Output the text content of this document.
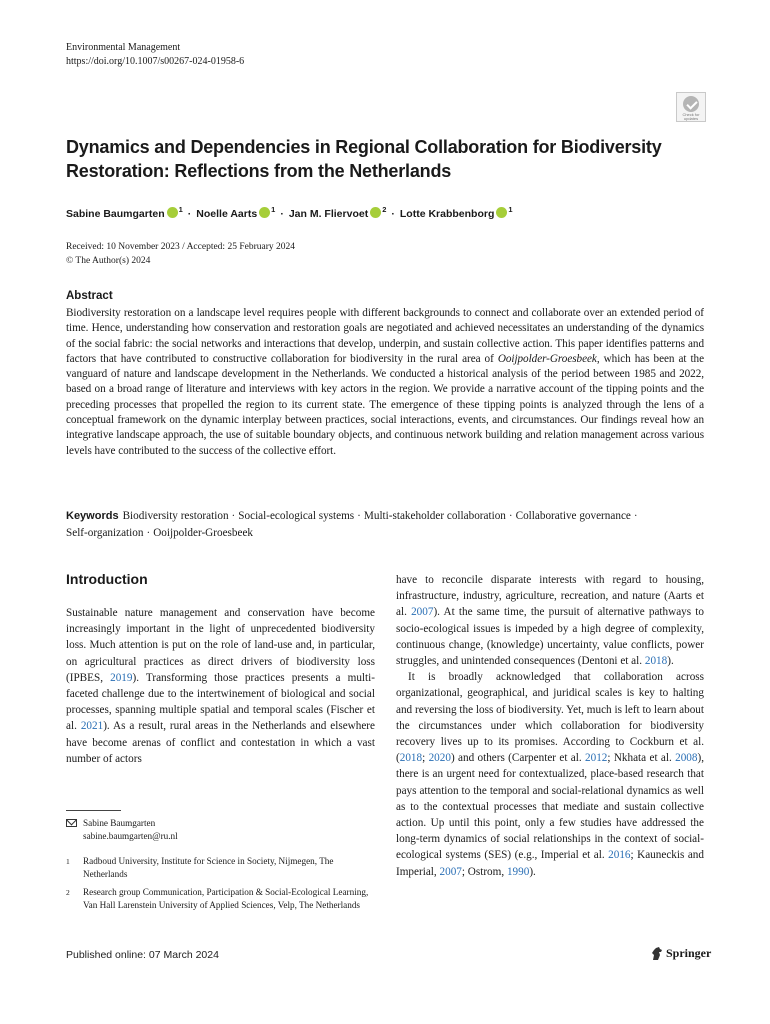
Environmental Management
https://doi.org/10.1007/s00267-024-01958-6
Check for
updates
Dynamics and Dependencies in Regional Collaboration for Biodiversity Restoration: Reflections from the Netherlands
Sabine Baumgarten $^1$ · Noelle Aarts $^1$ · Jan M. Fliervoet $^2$ · Lotte Krabbenborg $^1$
Received: 10 November 2023 / Accepted: 25 February 2024
© The Author(s) 2024
Abstract

Biodiversity restoration on a landscape level requires people with different backgrounds to connect and collaborate over an extended period of time. Hence, understanding how conservation and restoration goals are negotiated and achieved necessitates an understanding of the dynamics of the social fabric: the social networks and interactions that develop, underpin, and sustain collective action. This paper identifies patterns and factors that have contributed to constructive collaboration for biodiversity in the rural area of Ooijpolder-Groesbeek, which has been at the vanguard of nature and landscape development in the Netherlands. We conducted a historical analysis of the period between 1985 and 2022, based on a broad range of literature and interviews with key actors in the region. We provide a narrative account of the tipping points and the preceding processes that propelled the region to its current state. The emergence of these tipping points is analyzed through the lens of a conceptual framework on the dynamic interplay between practices, social interactions, events, and circumstances. Our findings reveal how an integrative landscape approach, the use of suitable boundary objects, and continuous network building and relation management across various levels have contributed to the success of the collective effort.

Keywords Biodiversity restoration · Social-ecological systems · Multi-stakeholder collaboration · Collaborative governance ·
Self-organization · Ooijpolder-Groesbeek
Introduction

Sustainable nature management and conservation have become increasingly important in the light of unprecedented biodiversity loss. Much attention is put on the role of land-use and, in particular, on agricultural practices as direct drivers of biodiversity loss (IPBES, 2019). Transforming those practices presents a multi-faceted challenge due to the intertwinement of biological and social processes, spanning multiple spatial and temporal scales (Fischer et al. 2021). As a result, rural areas in the Netherlands and elsewhere have become arenas of conflict and contestation in which a vast number of actors

have to reconcile disparate interests with regard to housing, infrastructure, industry, agriculture, recreation, and nature (Aarts et al. 2007). At the same time, the pursuit of alternative pathways to socio-ecological issues is impeded by a high degree of complexity, continuous change, (knowledge) uncertainty, value conflicts, power struggles, and unintended consequences (Dentoni et al. 2018).

It is broadly acknowledged that collaboration across organizational, geographical, and juridical scales is key to halting and reversing the loss of biodiversity. Yet, much is left to learn about the circumstances under which collaboration for biodiversity recovery lives up to its promises. According to Cockburn et al. (2018; 2020) and others (Carpenter et al. 2012; Nkhata et al. 2008), there is an urgent need for contextualized, place-based research that pays attention to the temporal and social-relational dynamics as well as to the contextual processes that mediate and sustain collective action. Up until this point, only a few studies have addressed the long-term dynamics of social relationships in the context of social-ecological systems (SES) (e.g., Imperial et al. 2016; Kauneckis and Imperial, 2007; Ostrom, 1990).

Sabine Baumgarten
sabine.baumgarten@ru.nl
1 Radboud University, Institute for Science in Society, Nijmegen, The Netherlands
2 Research group Communication, Participation & Social-Ecological Learning, Van Hall Larenstein University of Applied Sciences, Velp, The Netherlands
Published online: 07 March 2024	Springer
